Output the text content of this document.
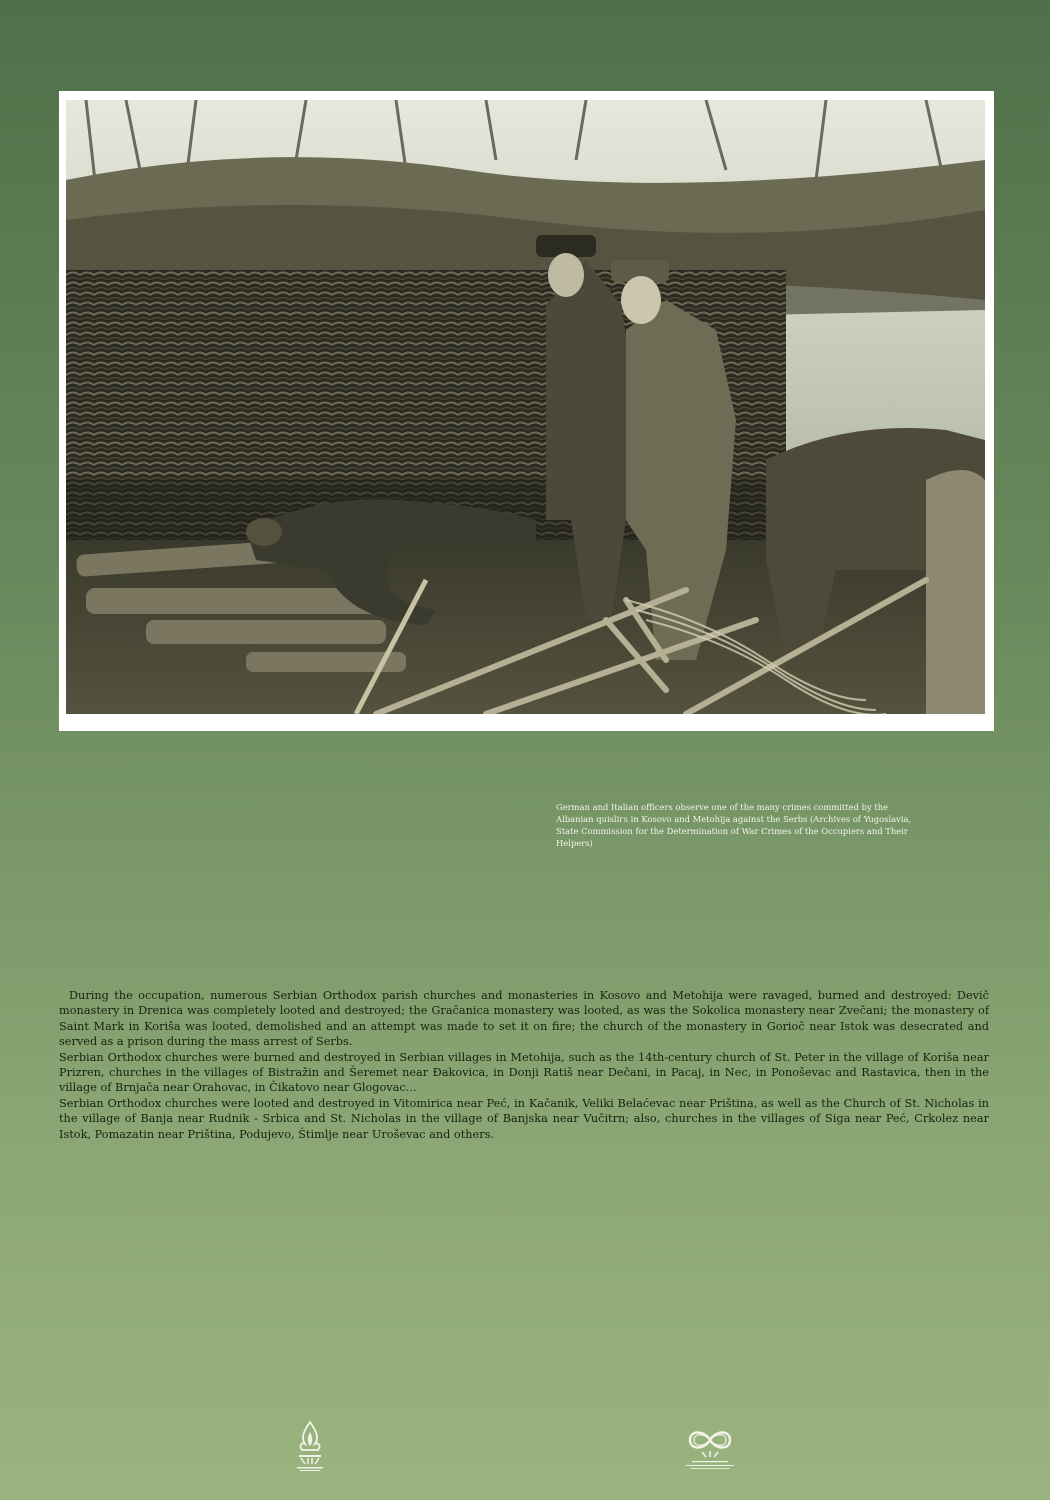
German and Italian officers observe one of the many crimes committed by the Albanian quislігs in Kosovo and Metohija against the Serbs (Archives of Yugoslavia, State Commission for the Determination of War Crimes of the Occupiers and Their Helpers)

During the occupation, numerous Serbian Orthodox parish churches and monasteries in Kosovo and Metohija were ravaged, burned and destroyed: Devič monastery in Drenica was completely looted and destroyed; the Gračanica monastery was looted, as was the Sokolica monastery near Zvečani; the monastery of Saint Mark in Koriša was looted, demolished and an attempt was made to set it on fire; the church of the monastery in Gorioč near Istok was desecrated and served as a prison during the mass arrest of Serbs.

Serbian Orthodox churches were burned and destroyed in Serbian villages in Metohija, such as the 14th-century church of St. Peter in the village of Koriša near Prizren, churches in the villages of Bistražin and Šeremet near Đakovica, in Donji Ratiš near Dečani, in Pacaj, in Nec, in Ponoševac and Rastavica, then in the village of Brnjača near Orahovac, in Čikatovo near Glogovac...

Serbian Orthodox churches were looted and destroyed in Vitomirica near Peć, in Kačanik, Veliki Belaćevac near Priština, as well as the Church of St. Nicholas in the village of Banja near Rudnik - Srbica and St. Nicholas in the village of Banjska near Vučitrn; also, churches in the villages of Siga near Peć, Crkolez near Istok, Pomazatin near Priština, Podujevo, Štimlje near Uroševac and others.
